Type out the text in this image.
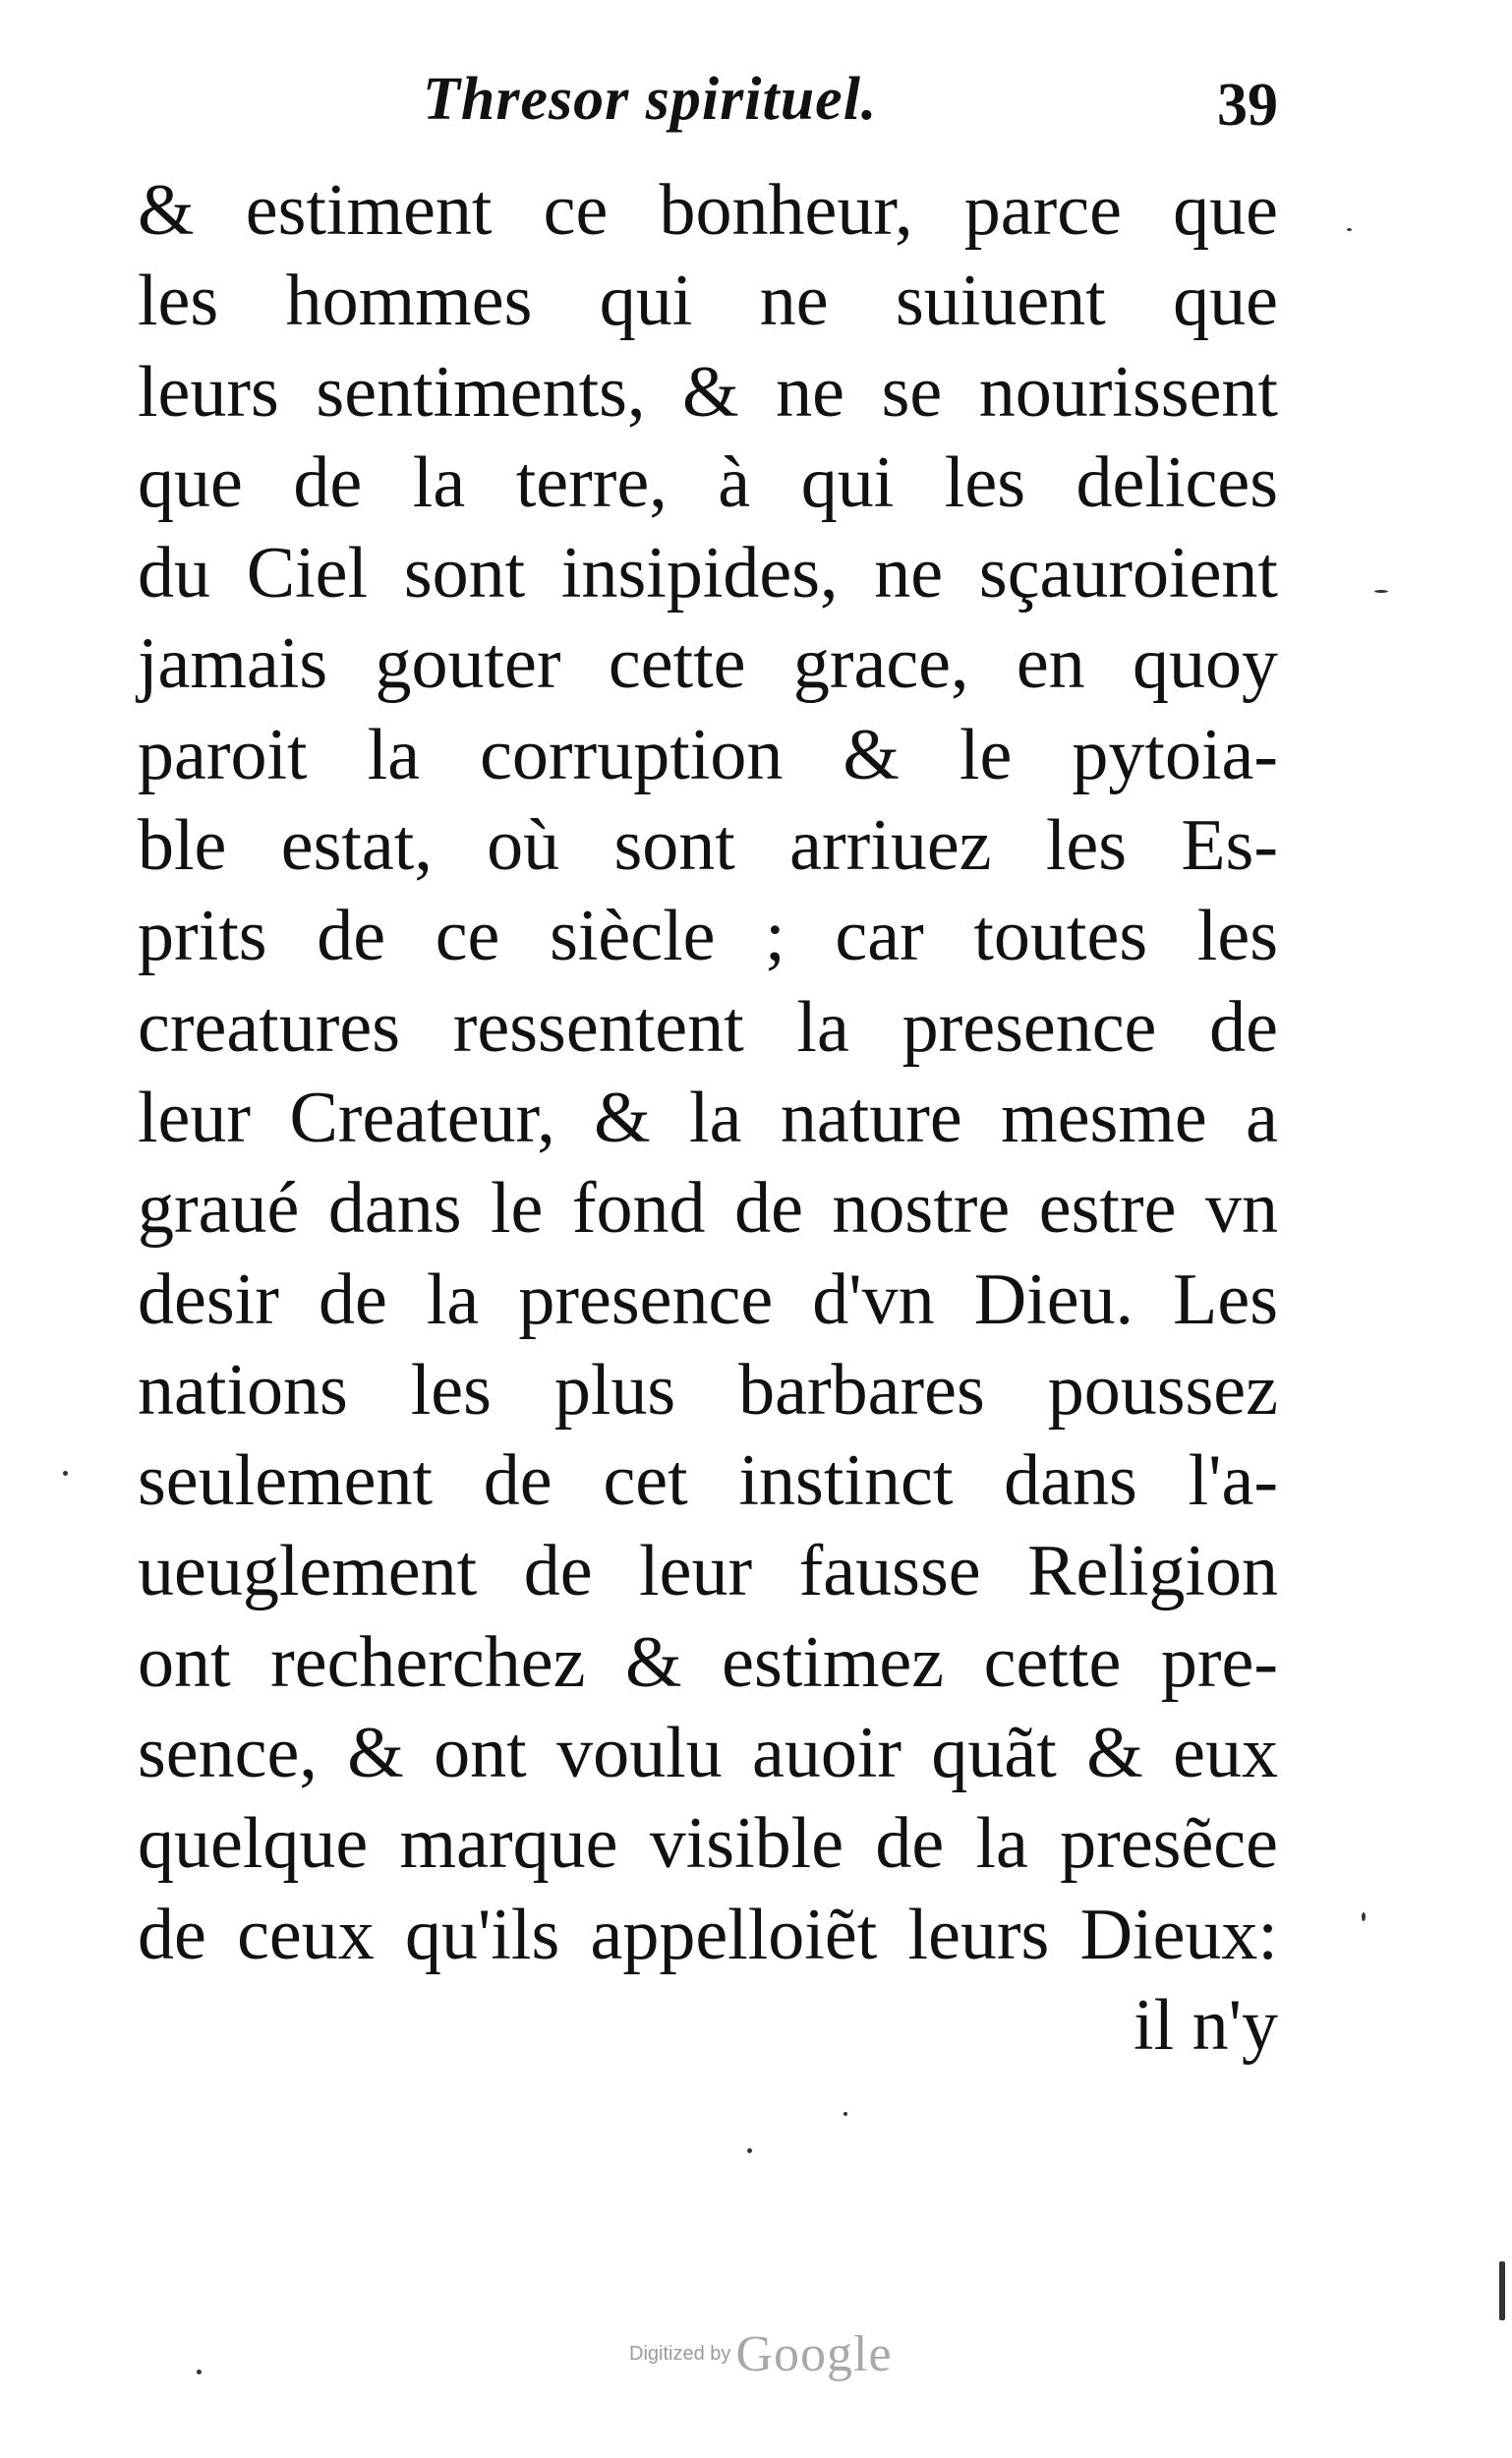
Thresor spirituel.	39
& estiment ce bonheur, parce que
les hommes qui ne suiuent que
leurs sentiments, & ne se nourissent
que de la terre, à qui les delices
du Ciel sont insipides, ne sçauroient
jamais gouter cette grace, en quoy
paroit la corruption & le pytoia-
ble estat, où sont arriuez les Es-
prits de ce siècle ; car toutes les
creatures ressentent la presence de
leur Createur, & la nature mesme a
graué dans le fond de nostre estre vn
desir de la presence d'vn Dieu. Les
nations les plus barbares poussez
seulement de cet instinct dans l'a-
ueuglement de leur fausse Religion
ont recherchez & estimez cette pre-
sence, & ont voulu auoir quãt & eux
quelque marque visible de la presẽce
de ceux qu'ils appelloiẽt leurs Dieux:
il n'y
Digitized by Google
